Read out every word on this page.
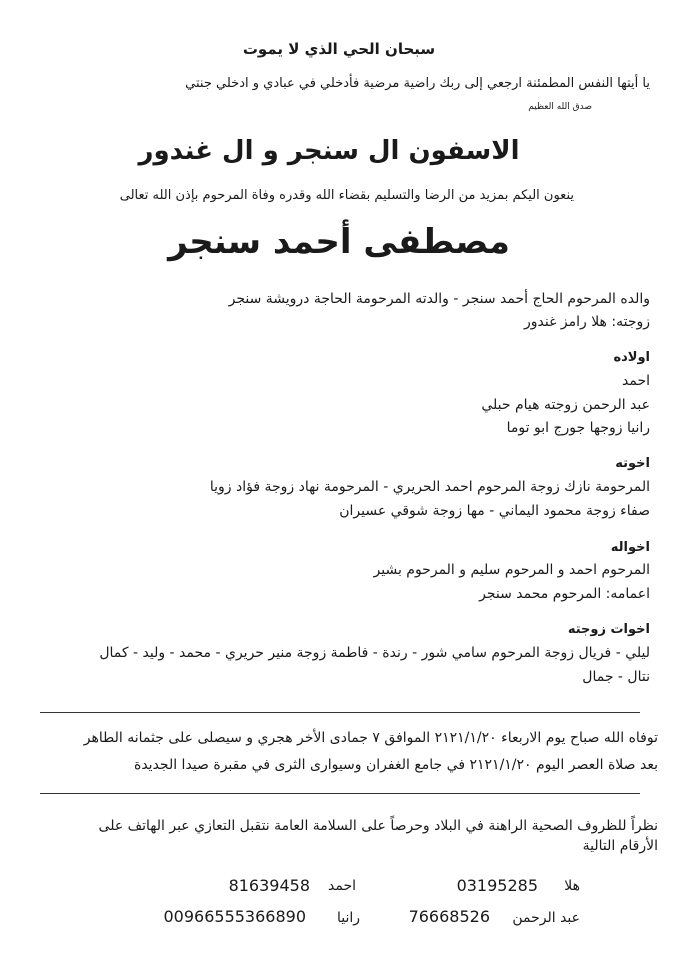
سبحان الحي الذي لا يموت
يا أيتها النفس المطمئنة ارجعي إلى ربك راضية مرضية فأدخلي في عبادي و ادخلي جنتي
صدق الله العظيم
الاسفون ال سنجر و ال غندور
ينعون اليكم بمزيد من الرضا والتسليم بقضاء الله وقدره وفاة المرحوم بإذن الله تعالى
مصطفى أحمد سنجر
والده المرحوم الحاج أحمد سنجر - والدته المرحومة الحاجة درويشة سنجر
زوجته: هلا رامز غندور
اولاده
احمد
عبد الرحمن زوجته هيام حبلي
رانيا زوجها جورج ابو توما
اخوته
المرحومة نازك زوجة المرحوم احمد الحريري - المرحومة نهاد زوجة فؤاد زويا
صفاء زوجة محمود اليماني - مها زوجة شوقي عسيران
اخواله
المرحوم احمد و المرحوم سليم و المرحوم بشير
اعمامه: المرحوم محمد سنجر
اخوات زوجته
ليلي - فريال زوجة المرحوم سامي شور - رندة - فاطمة زوجة منير حريري - محمد - وليد - كمال
نتال - جمال
توفاه الله صباح يوم الاربعاء ٢١٢١/١/٢٠ الموافق ٧ جمادى الأخر هجري و سيصلى على جثمانه الطاهر
بعد صلاة العصر اليوم ٢١٢١/١/٢٠ في جامع الغفران وسيوارى الثرى في مقبرة صيدا الجديدة
نظراً للظروف الصحية الراهنة في البلاد وحرصاً على السلامة العامة نتقبل التعازي عبر الهاتف على
الأرقام التالية
هلا
03195285
احمد
81639458
عبد الرحمن
76668526
رانيا
00966555366890
